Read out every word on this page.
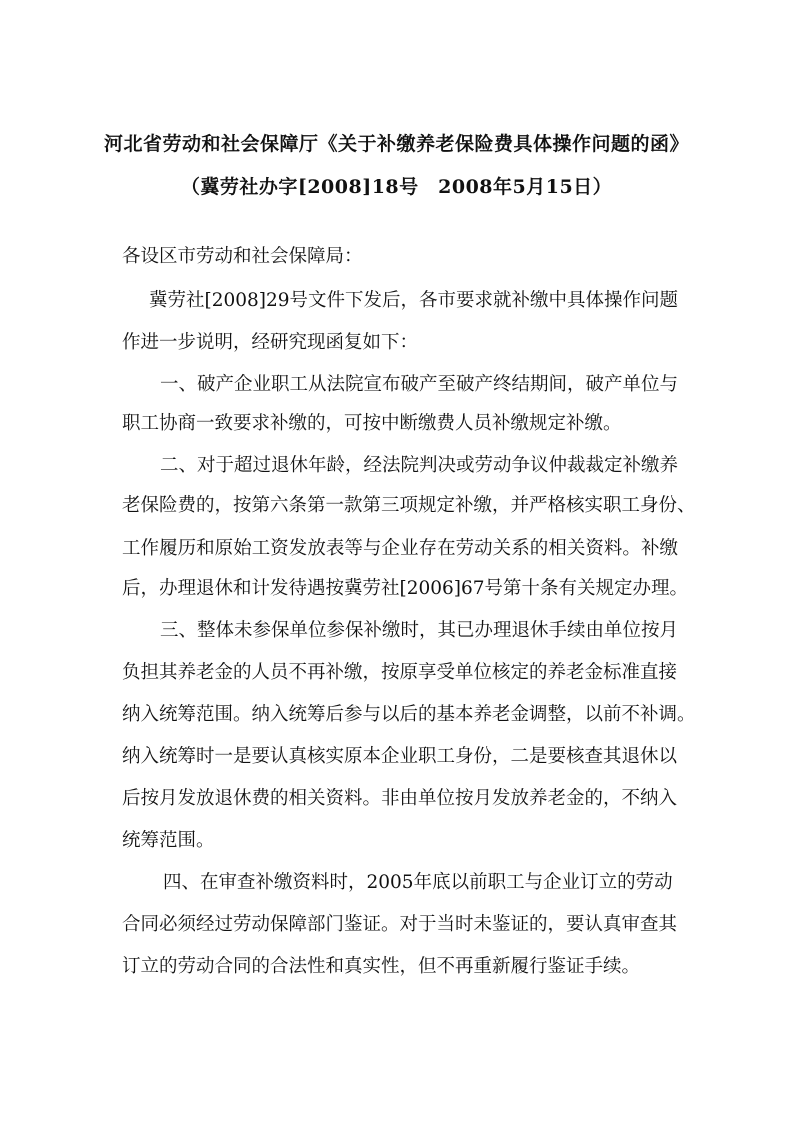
河北省劳动和社会保障厅《关于补缴养老保险费具体操作问题的函》
（冀劳社办字[2008]18号　2008年5月15日）
各设区市劳动和社会保障局：
冀劳社[2008]29号文件下发后，各市要求就补缴中具体操作问题
作进一步说明，经研究现函复如下：
一、破产企业职工从法院宣布破产至破产终结期间，破产单位与
职工协商一致要求补缴的，可按中断缴费人员补缴规定补缴。
二、对于超过退休年龄，经法院判决或劳动争议仲裁裁定补缴养
老保险费的，按第六条第一款第三项规定补缴，并严格核实职工身份、
工作履历和原始工资发放表等与企业存在劳动关系的相关资料。补缴
后，办理退休和计发待遇按冀劳社[2006]67号第十条有关规定办理。
三、整体未参保单位参保补缴时，其已办理退休手续由单位按月
负担其养老金的人员不再补缴，按原享受单位核定的养老金标准直接
纳入统筹范围。纳入统筹后参与以后的基本养老金调整，以前不补调。
纳入统筹时一是要认真核实原本企业职工身份，二是要核查其退休以
后按月发放退休费的相关资料。非由单位按月发放养老金的，不纳入
统筹范围。
四、在审查补缴资料时，2005年底以前职工与企业订立的劳动
合同必须经过劳动保障部门鉴证。对于当时未鉴证的，要认真审查其
订立的劳动合同的合法性和真实性，但不再重新履行鉴证手续。
